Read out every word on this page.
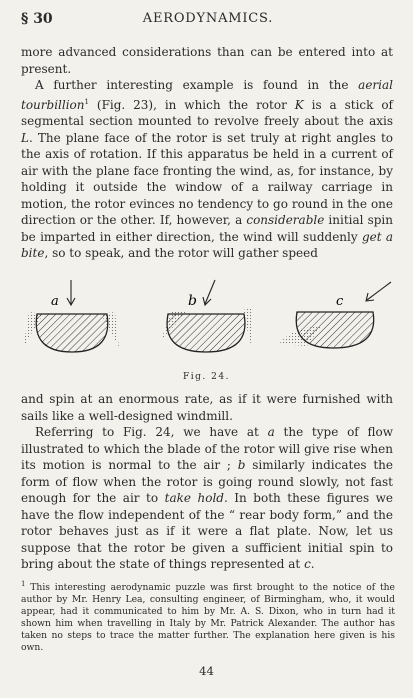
§ 30	AERODYNAMICS.

more advanced considerations than can be entered into at present.

A further interesting example is found in the aerial tourbillion$^1$ (Fig. 23), in which the rotor K is a stick of segmental section mounted to revolve freely about the axis L. The plane face of the rotor is set truly at right angles to the axis of rotation. If this apparatus be held in a current of air with the plane face fronting the wind, as, for instance, by holding it outside the window of a railway carriage in motion, the rotor evinces no tendency to go round in the one direction or the other. If, however, a considerable initial spin be imparted in either direction, the wind will suddenly get a bite, so to speak, and the rotor will gather speed

a	b	c
Fig. 24.

and spin at an enormous rate, as if it were furnished with sails like a well-designed windmill.

Referring to Fig. 24, we have at a the type of flow illustrated to which the blade of the rotor will give rise when its motion is normal to the air ; b similarly indicates the form of flow when the rotor is going round slowly, not fast enough for the air to take hold. In both these figures we have the flow independent of the “ rear body form,” and the rotor behaves just as if it were a flat plate. Now, let us suppose that the rotor be given a sufficient initial spin to bring about the state of things represented at c.

$^1$ This interesting aerodynamic puzzle was first brought to the notice of the author by Mr. Henry Lea, consulting engineer, of Birmingham, who, it would appear, had it communicated to him by Mr. A. S. Dixon, who in turn had it shown him when travelling in Italy by Mr. Patrick Alexander. The author has taken no steps to trace the matter further. The explanation here given is his own.

44
